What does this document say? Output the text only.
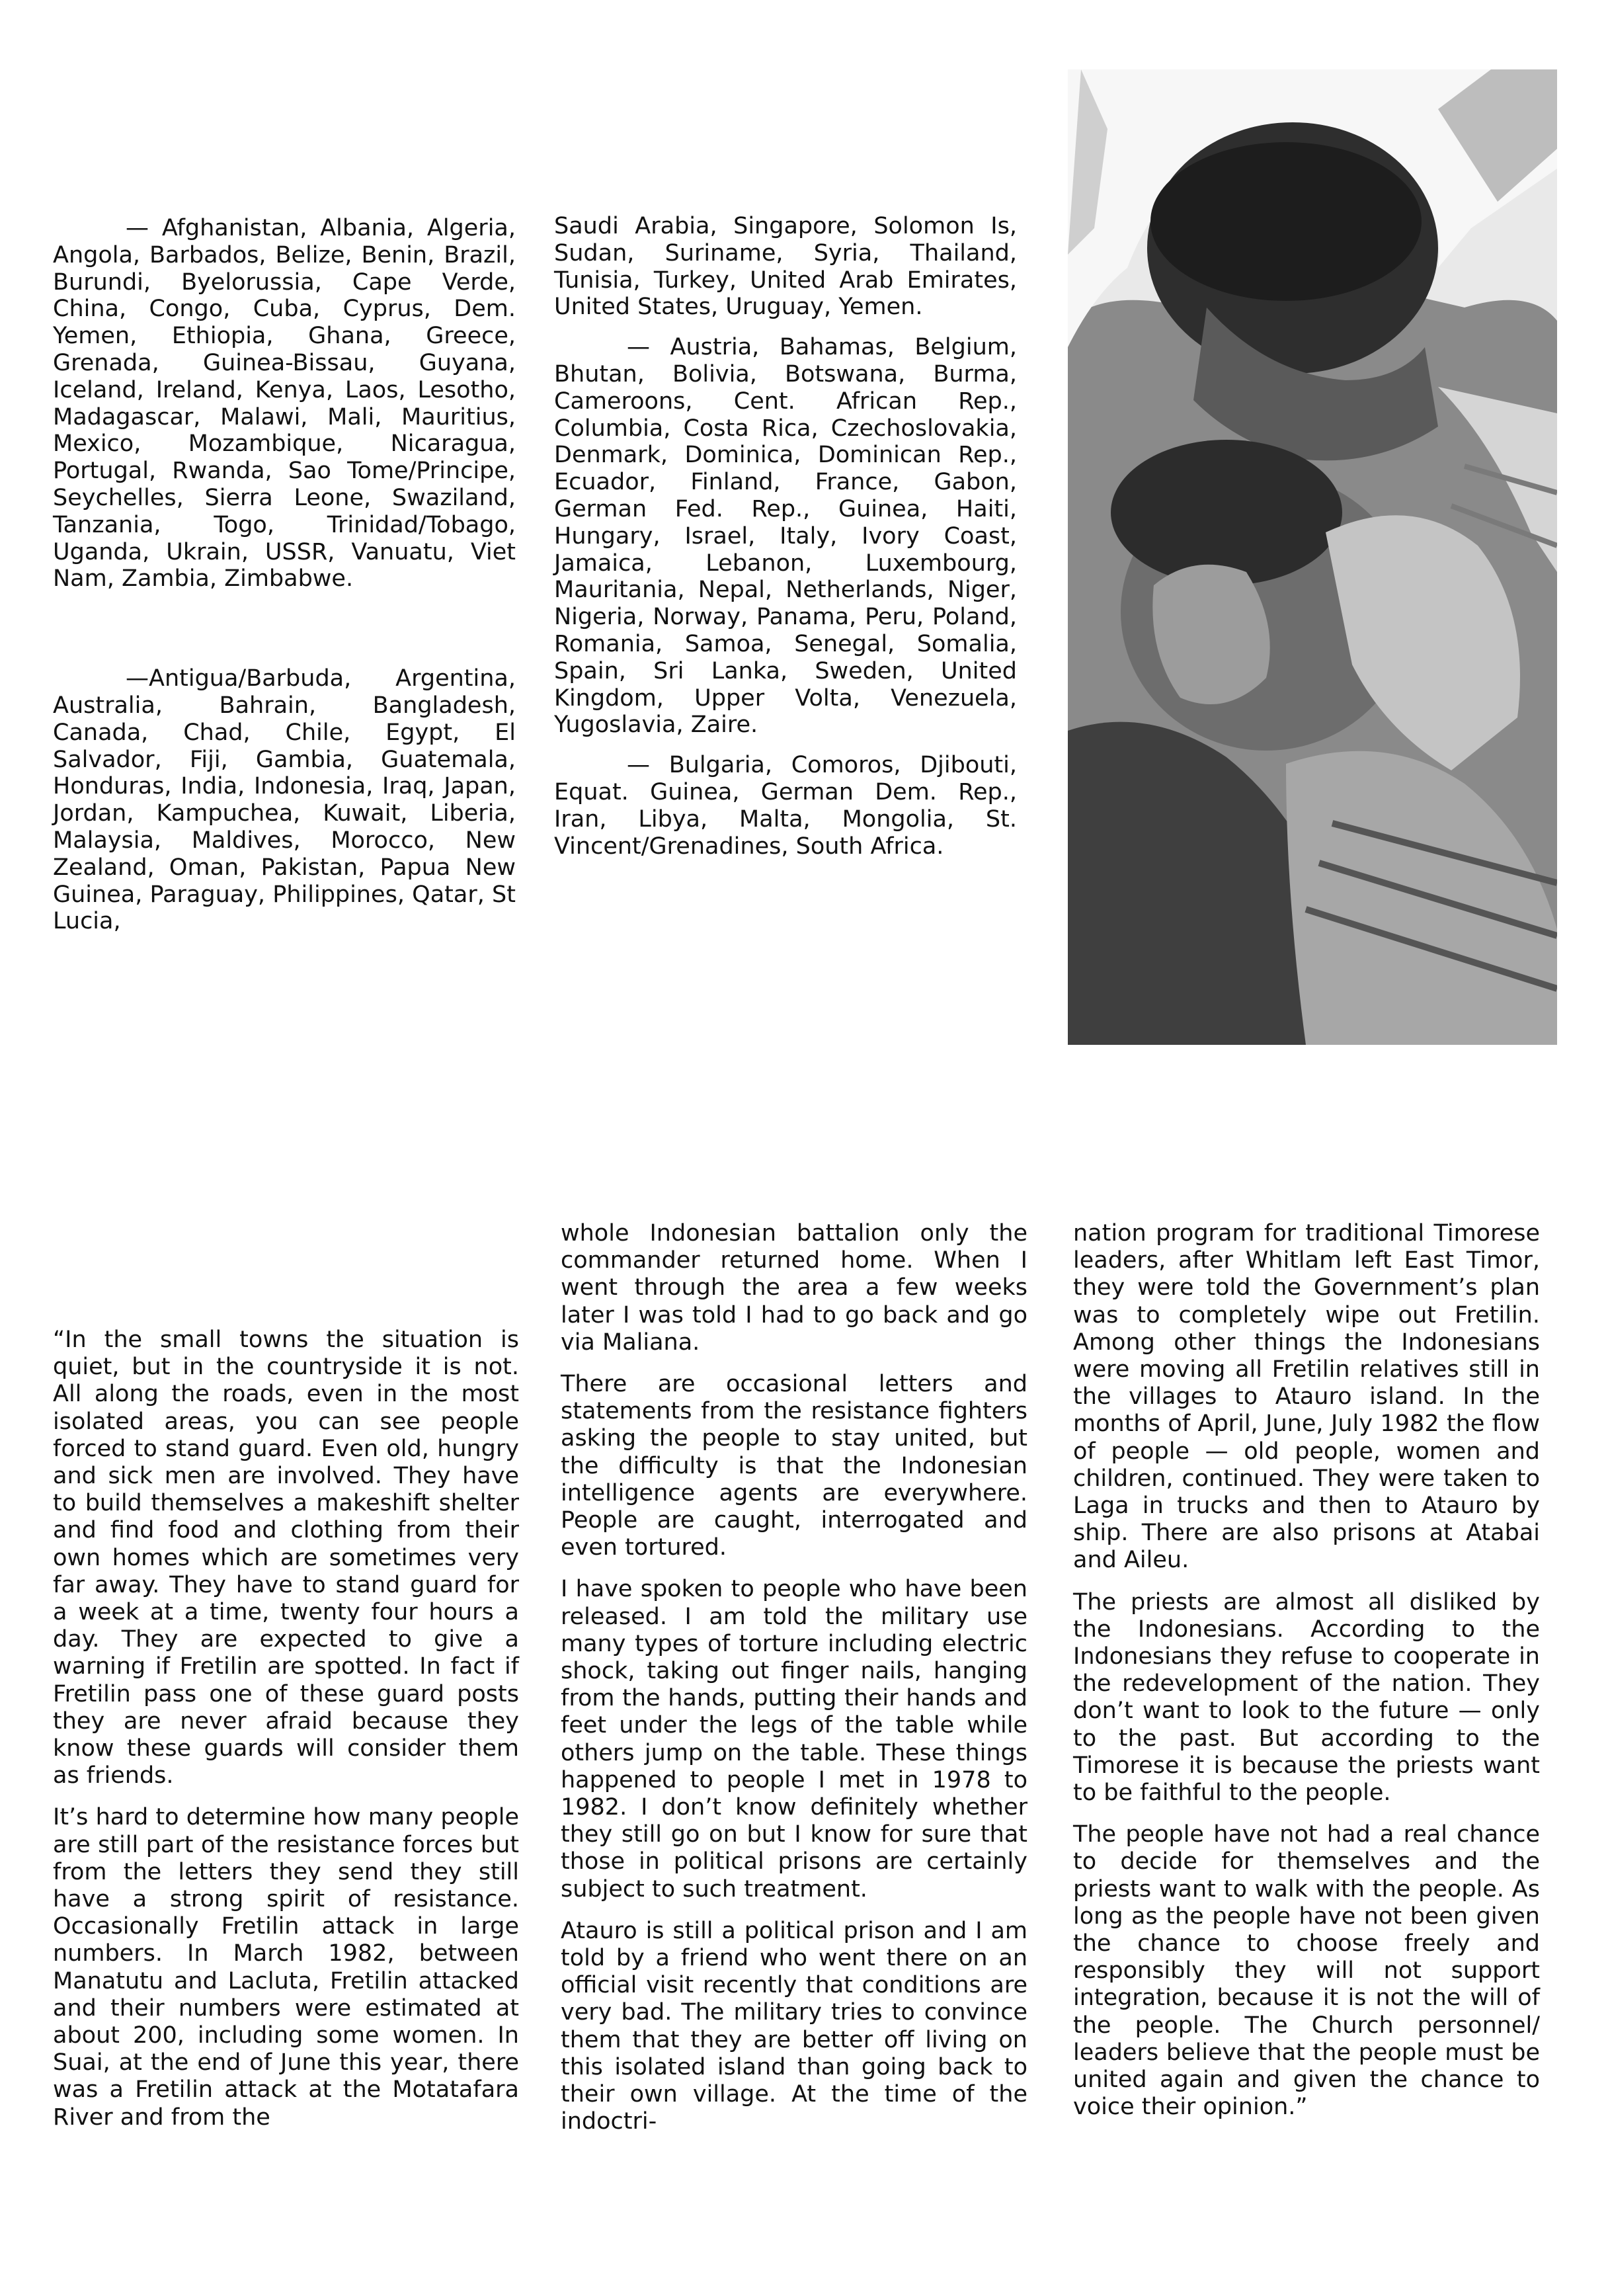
— Afghanistan, Albania, Algeria, Angola, Barbados, Belize, Benin, Brazil, Burundi, Byelorussia, Cape Verde, China, Congo, Cuba, Cyprus, Dem. Yemen, Ethiopia, Ghana, Greece, Grenada, Guinea-Bissau, Guyana, Iceland, Ireland, Kenya, Laos, Lesotho, Madagascar, Malawi, Mali, Mauritius, Mexico, Mozambique, Nicaragua, Portugal, Rwanda, Sao Tome/Principe, Seychelles, Sierra Leone, Swaziland, Tanzania, Togo, Trinidad/Tobago, Uganda, Ukrain, USSR, Vanuatu, Viet Nam, Zambia, Zimbabwe.

—Antigua/Barbuda, Argentina, Australia, Bahrain, Bangladesh, Canada, Chad, Chile, Egypt, El Salvador, Fiji, Gambia, Guatemala, Honduras, India, Indonesia, Iraq, Japan, Jordan, Kampuchea, Kuwait, Liberia, Malaysia, Maldives, Morocco, New Zealand, Oman, Pakistan, Papua New Guinea, Paraguay, Philippines, Qatar, St Lucia,

Saudi Arabia, Singapore, Solomon Is, Sudan, Suriname, Syria, Thailand, Tunisia, Turkey, United Arab Emirates, United States, Uruguay, Yemen.

— Austria, Bahamas, Belgium, Bhutan, Bolivia, Botswana, Burma, Cameroons, Cent. African Rep., Columbia, Costa Rica, Czechoslovakia, Denmark, Dominica, Dominican Rep., Ecuador, Finland, France, Gabon, German Fed. Rep., Guinea, Haiti, Hungary, Israel, Italy, Ivory Coast, Jamaica, Lebanon, Luxembourg, Mauritania, Nepal, Netherlands, Niger, Nigeria, Norway, Panama, Peru, Poland, Romania, Samoa, Senegal, Somalia, Spain, Sri Lanka, Sweden, United Kingdom, Upper Volta, Venezuela, Yugoslavia, Zaire.

— Bulgaria, Comoros, Djibouti, Equat. Guinea, German Dem. Rep., Iran, Libya, Malta, Mongolia, St. Vincent/Grenadines, South Africa.

“In the small towns the situation is quiet, but in the countryside it is not. All along the roads, even in the most isolated areas, you can see people forced to stand guard. Even old, hungry and sick men are involved. They have to build themselves a makeshift shelter and find food and clothing from their own homes which are sometimes very far away. They have to stand guard for a week at a time, twenty four hours a day. They are expected to give a warning if Fretilin are spotted. In fact if Fretilin pass one of these guard posts they are never afraid because they know these guards will consider them as friends.

It’s hard to determine how many people are still part of the resistance forces but from the letters they send they still have a strong spirit of resistance. Occasionally Fretilin attack in large numbers. In March 1982, between Manatutu and Lacluta, Fretilin attacked and their numbers were estimated at about 200, including some women. In Suai, at the end of June this year, there was a Fretilin attack at the Motatafara River and from the

whole Indonesian battalion only the commander returned home. When I went through the area a few weeks later I was told I had to go back and go via Maliana.

There are occasional letters and statements from the resistance fighters asking the people to stay united, but the difficulty is that the Indonesian intelligence agents are everywhere. People are caught, interrogated and even tortured.

I have spoken to people who have been released. I am told the military use many types of torture including electric shock, taking out finger nails, hanging from the hands, putting their hands and feet under the legs of the table while others jump on the table. These things happened to people I met in 1978 to 1982. I don’t know definitely whether they still go on but I know for sure that those in political prisons are certainly subject to such treatment.

Atauro is still a political prison and I am told by a friend who went there on an official visit recently that conditions are very bad. The military tries to convince them that they are better off living on this isolated island than going back to their own village. At the time of the indoctri-

nation program for traditional Timorese leaders, after Whitlam left East Timor, they were told the Government’s plan was to completely wipe out Fretilin. Among other things the Indonesians were moving all Fretilin relatives still in the villages to Atauro island. In the months of April, June, July 1982 the flow of people — old people, women and children, continued. They were taken to Laga in trucks and then to Atauro by ship. There are also prisons at Atabai and Aileu.

The priests are almost all disliked by the Indonesians. According to the Indonesians they refuse to cooperate in the redevelopment of the nation. They don’t want to look to the future — only to the past. But according to the Timorese it is because the priests want to be faithful to the people.

The people have not had a real chance to decide for themselves and the priests want to walk with the people. As long as the people have not been given the chance to choose freely and responsibly they will not support integration, because it is not the will of the people. The Church personnel/ leaders believe that the people must be united again and given the chance to voice their opinion.”
